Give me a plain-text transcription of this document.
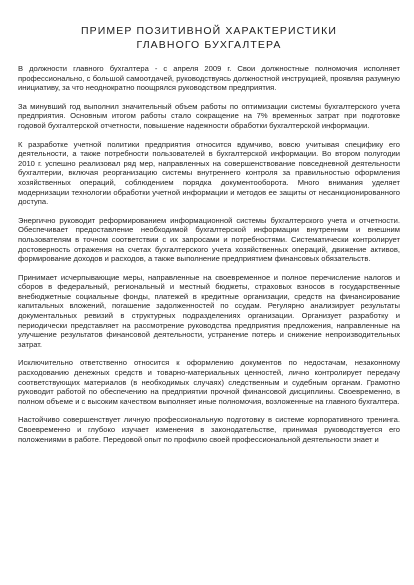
ПРИМЕР ПОЗИТИВНОЙ ХАРАКТЕРИСТИКИ ГЛАВНОГО БУХГАЛТЕРА

В должности главного бухгалтера - с апреля 2009 г. Свои должностные полномочия исполняет профессионально, с большой самоотдачей, руководствуясь должностной инструкцией, проявляя разумную инициативу, за что неоднократно поощрялся руководством предприятия.

За минувший год выполнил значительный объем работы по оптимизации системы бухгалтерского учета предприятия. Основным итогом работы стало сокращение на 7% временных затрат при подготовке годовой бухгалтерской отчетности, повышение надежности обработки бухгалтерской информации.

К разработке учетной политики предприятия относится вдумчиво, вовсю учитывая специфику его деятельности, а также потребности пользователей в бухгалтерской информации. Во втором полугодии 2010 г. успешно реализовал ряд мер, направленных на совершенствование повседневной деятельности бухгалтерии, включая реорганизацию системы внутреннего контроля за правильностью оформления хозяйственных операций, соблюдением порядка документооборота. Много внимания уделяет модернизации технологии обработки учетной информации и методов ее защиты от несанкционированного доступа.

Энергично руководит реформированием информационной системы бухгалтерского учета и отчетности. Обеспечивает предоставление необходимой бухгалтерской информации внутренним и внешним пользователям в точном соответствии с их запросами и потребностями. Систематически контролирует достоверность отражения на счетах бухгалтерского учета хозяйственных операций, движение активов, формирование доходов и расходов, а также выполнение предприятием финансовых обязательств.

Принимает исчерпывающие меры, направленные на своевременное и полное перечисление налогов и сборов в федеральный, региональный и местный бюджеты, страховых взносов в государственные внебюджетные социальные фонды, платежей в кредитные организации, средств на финансирование капитальных вложений, погашение задолженностей по ссудам. Регулярно анализирует результаты документальных ревизий в структурных подразделениях организации. Организует разработку и периодически представляет на рассмотрение руководства предприятия предложения, направленные на улучшение результатов финансовой деятельности, устранение потерь и снижение непроизводительных затрат.

Исключительно ответственно относится к оформлению документов по недостачам, незаконному расходованию денежных средств и товарно-материальных ценностей, лично контролирует передачу соответствующих материалов (в необходимых случаях) следственным и судебным органам. Грамотно руководит работой по обеспечению на предприятии прочной финансовой дисциплины. Своевременно, в полном объеме и с высоким качеством выполняет иные полномочия, возложенные на главного бухгалтера.

Настойчиво совершенствует личную профессиональную подготовку в системе корпоративного тренинга. Своевременно и глубоко изучает изменения в законодательстве, принимая руководствуется его положениями в работе. Передовой опыт по профилю своей профессиональной деятельности знает и
